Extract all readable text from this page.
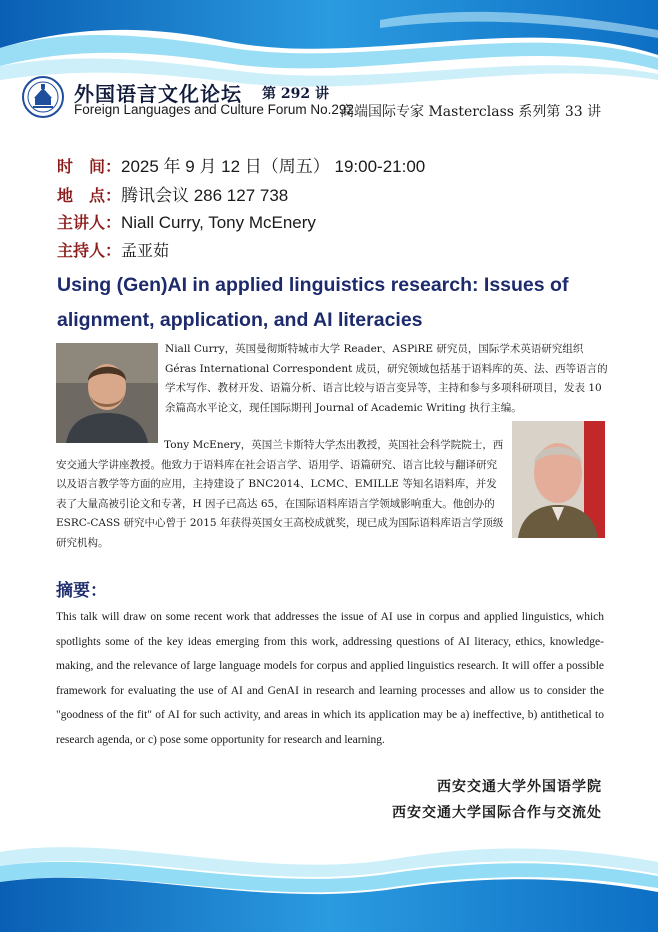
外国语言文化论坛 第 292 讲
Foreign Languages and Culture Forum No.292
高端国际专家 Masterclass 系列第 33 讲
时　间：2025 年 9 月 12 日（周五） 19:00-21:00
地　点：腾讯会议 286 127 738
主讲人：Niall Curry, Tony McEnery
主持人：孟亚茹
Using (Gen)AI in applied linguistics research: Issues of alignment, application, and AI literacies
Niall Curry，英国曼彻斯特城市大学 Reader、ASPiRE 研究员，国际学术英语研究组织 Géras International Correspondent 成员，研究领域包括基于语料库的英、法、西等语言的学术写作、教材开发、语篇分析、语言比较与语言变异等，主持和参与多项科研项目，发表 10 余篇高水平论文，现任国际期刊 Journal of Academic Writing 执行主编。
Tony McEnery，英国兰卡斯特大学杰出教授，英国社会科学院院士，西安交通大学讲座教授。他致力于语料库在社会语言学、语用学、语篇研究、语言比较与翻译研究以及语言教学等方面的应用，主持建设了 BNC2014、LCMC、EMILLE 等知名语料库，并发表了大量高被引论文和专著，H 因子已高达 65，在国际语料库语言学领域影响重大。他创办的 ESRC-CASS 研究中心曾于 2015 年获得英国女王高校成就奖，现已成为国际语料库语言学顶级研究机构。
摘要：
This talk will draw on some recent work that addresses the issue of AI use in corpus and applied linguistics, which spotlights some of the key ideas emerging from this work, addressing questions of AI literacy, ethics, knowledge-making, and the relevance of large language models for corpus and applied linguistics research. It will offer a possible framework for evaluating the use of AI and GenAI in research and learning processes and allow us to consider the "goodness of the fit" of AI for such activity, and areas in which its application may be a) ineffective, b) antithetical to research agenda, or c) pose some opportunity for research and learning.
西安交通大学外国语学院
西安交通大学国际合作与交流处
